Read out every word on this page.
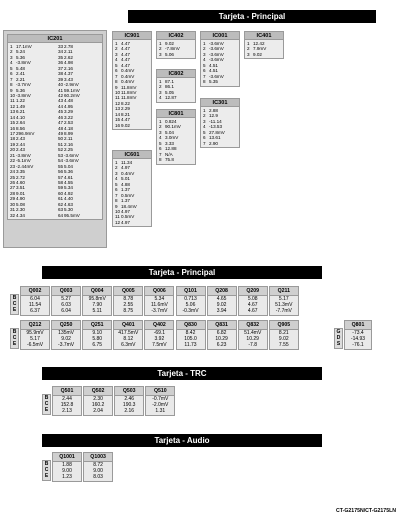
Tarjeta - Principal
Tarjeta - Principal
Tarjeta - TRC
Tarjeta - Audio
IC201
1 17.1mV
2 5.24
3 5.36
4 -3.8mV
5 5.48
6 2.41
7 2.21
8 -3.7mV
9 5.36
10 -3.8mV
11 1.22
12 1.49
13 6.21
14 4.10
15 2.64
16 8.56
17 296.9mV
18 2.43
19 2.44
20 2.43
21 -3.8mV
22 -5.1mV
23 -2.44mV
24 3.35
25 2.72
26 4.60
27 3.51
28 9.01
29 4.90
30 5.08
31 2.30
32 4.34
33 2.78
34 2.11
35 2.62
36 4.98
37 2.16
38 4.37
39 3.43
40 -2.9mV
41 59.1mV
42 60.2mV
43 4.48
44 4.95
45 3.29
46 3.22
47 2.53
48 4.18
49 8.99
50 2.11
51 2.16
52 2.25
53 -3.6mV
54 -3.6mV
55 5.04
56 5.36
57 4.61
58 4.55
59 5.34
60 4.92
61 4.40
62 4.63
63 5.30
64 95.5mV
IC901
1 4.47
2 4.47
3 4.47
4 4.47
5 4.47
6 0.4mV
7 0.4mV
8 0.4mV
9 11.8mV
10 11.8mV
11 11.8mV
12 8.22
13 2.29
14 8.21
15 4.47
16 9.02
IC601
1 11.34
2 4.97
3 0.4mV
4 5.01
5 4.88
6 1.37
7 0.5mV
8 1.37
9 18.4mV
10 4.97
11 0.5mV
12 4.97
IC402
1 9.02
2 -7.8mV
3 5.06
IC802
1 87.1
2 86.1
3 5.05
4 12.87
IC801
1 0.824
2 90.1mV
3 5.04
4 3.0mV
5 3.33
6 12.88
7 N/A
8 75.8
IC001
1 -3.6mV
2 -3.6mV
3 -3.6mV
4 -3.6mV
5 4.51
6 4.51
7 -3.6mV
8 5.35
IC401
1 12.42
2 7.9mV
3 9.02
IC301
1 2.88
2 12.9
3 -11.14
4 -13.53
5 27.8mV
6 13.61
7 2.90
B
C
E
Q002
6.04
11.54
6.37
Q003
5.27
6.03
6.04
Q004
95.8mV
7.90
5.11
Q005
8.78
2.55
8.75
Q006
5.34
11.6mV
-3.7mV
Q101
0.713
5.06
-0.3mV
Q208
4.65
9.02
3.94
Q209
5.08
4.67
4.67
Q211
5.17
51.3mV
-7.7mV
B
C
E
Q212
95.9mV
5.17
-6.5mV
Q250
135mV
9.02
-3.7mV
Q251
9.10
5.80
6.75
Q401
417.5mV
8.12
6.3mV
Q402
-69.1
3.92
7.5mV
Q830
8.42
105.0
11.73
Q831
6.82
10.29
6.23
Q832
51.4mV
10.29
-7.8
Q905
8.21
9.02
7.55
G
D
S
Q801
-73.4
-14.93
-76.1
B
C
E
Q501
2.44
152.8
2.13
Q502
2.30
160.2
2.04
Q503
2.46
190.3
2.16
Q510
-0.7mV
-2.0mV
1.31
B
C
E
Q1001
1.88
9.00
1.23
Q1003
8.72
9.00
8.03
CT-G2175N/CT-G2175LN
